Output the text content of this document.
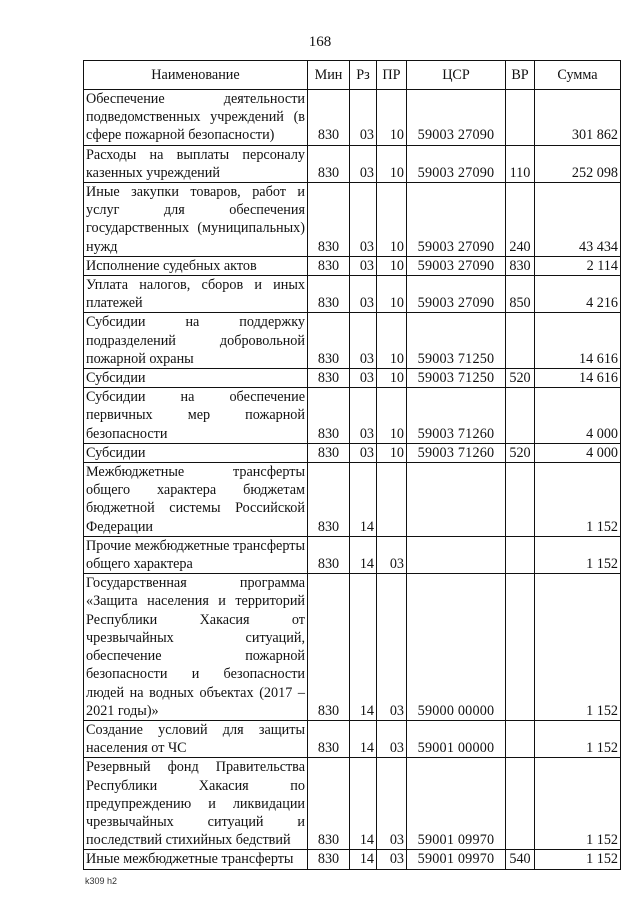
168
Наименование	Мин	Рз	ПР	ЦСР	ВР	Сумма
Обеспечение деятельности подведомственных учреждений (в сфере пожарной безопасности)	830	03	10	59003 27090		301 862
Расходы на выплаты персоналу казенных учреждений	830	03	10	59003 27090	110	252 098
Иные закупки товаров, работ и услуг для обеспечения государственных (муниципальных) нужд	830	03	10	59003 27090	240	43 434
Исполнение судебных актов	830	03	10	59003 27090	830	2 114
Уплата налогов, сборов и иных платежей	830	03	10	59003 27090	850	4 216
Субсидии на поддержку подразделений добровольной пожарной охраны	830	03	10	59003 71250		14 616
Субсидии	830	03	10	59003 71250	520	14 616
Субсидии на обеспечение первичных мер пожарной безопасности	830	03	10	59003 71260		4 000
Субсидии	830	03	10	59003 71260	520	4 000
Межбюджетные трансферты общего характера бюджетам бюджетной системы Российской Федерации	830	14				1 152
Прочие межбюджетные трансферты общего характера	830	14	03			1 152
Государственная программа «Защита населения и территорий Республики Хакасия от чрезвычайных ситуаций, обеспечение пожарной безопасности и безопасности людей на водных объектах (2017 – 2021 годы)»	830	14	03	59000 00000		1 152
Создание условий для защиты населения от ЧС	830	14	03	59001 00000		1 152
Резервный фонд Правительства Республики Хакасия по предупреждению и ликвидации чрезвычайных ситуаций и последствий стихийных бедствий	830	14	03	59001 09970		1 152
Иные межбюджетные трансферты	830	14	03	59001 09970	540	1 152
k309 h2
